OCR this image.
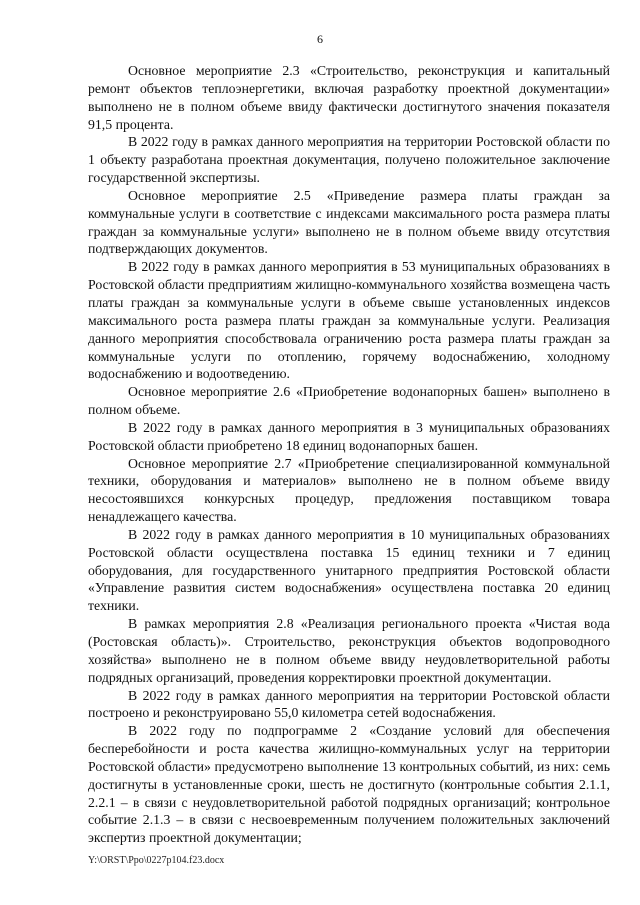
6

Основное мероприятие 2.3 «Строительство, реконструкция и капитальный ремонт объектов теплоэнергетики, включая разработку проектной документации» выполнено не в полном объеме ввиду фактически достигнутого значения показателя 91,5 процента.

В 2022 году в рамках данного мероприятия на территории Ростовской области по 1 объекту разработана проектная документация, получено положительное заключение государственной экспертизы.

Основное мероприятие 2.5 «Приведение размера платы граждан за коммунальные услуги в соответствие с индексами максимального роста размера платы граждан за коммунальные услуги» выполнено не в полном объеме ввиду отсутствия подтверждающих документов.

В 2022 году в рамках данного мероприятия в 53 муниципальных образованиях в Ростовской области предприятиям жилищно-коммунального хозяйства возмещена часть платы граждан за коммунальные услуги в объеме свыше установленных индексов максимального роста размера платы граждан за коммунальные услуги. Реализация данного мероприятия способствовала ограничению роста размера платы граждан за коммунальные услуги по отоплению, горячему водоснабжению, холодному водоснабжению и водоотведению.

Основное мероприятие 2.6 «Приобретение водонапорных башен» выполнено в полном объеме.

В 2022 году в рамках данного мероприятия в 3 муниципальных образованиях Ростовской области приобретено 18 единиц водонапорных башен.

Основное мероприятие 2.7 «Приобретение специализированной коммунальной техники, оборудования и материалов» выполнено не в полном объеме ввиду несостоявшихся конкурсных процедур, предложения поставщиком товара ненадлежащего качества.

В 2022 году в рамках данного мероприятия в 10 муниципальных образованиях Ростовской области осуществлена поставка 15 единиц техники и 7 единиц оборудования, для государственного унитарного предприятия Ростовской области «Управление развития систем водоснабжения» осуществлена поставка 20 единиц техники.

В рамках мероприятия 2.8 «Реализация регионального проекта «Чистая вода (Ростовская область)». Строительство, реконструкция объектов водопроводного хозяйства» выполнено не в полном объеме ввиду неудовлетворительной работы подрядных организаций, проведения корректировки проектной документации.

В 2022 году в рамках данного мероприятия на территории Ростовской области построено и реконструировано 55,0 километра сетей водоснабжения.

В 2022 году по подпрограмме 2 «Создание условий для обеспечения бесперебойности и роста качества жилищно-коммунальных услуг на территории Ростовской области» предусмотрено выполнение 13 контрольных событий, из них: семь достигнуты в установленные сроки, шесть не достигнуто (контрольные события 2.1.1, 2.2.1 – в связи с неудовлетворительной работой подрядных организаций; контрольное событие 2.1.3 – в связи с несвоевременным получением положительных заключений экспертиз проектной документации;

Y:\ORST\Ppo\0227p104.f23.docx
